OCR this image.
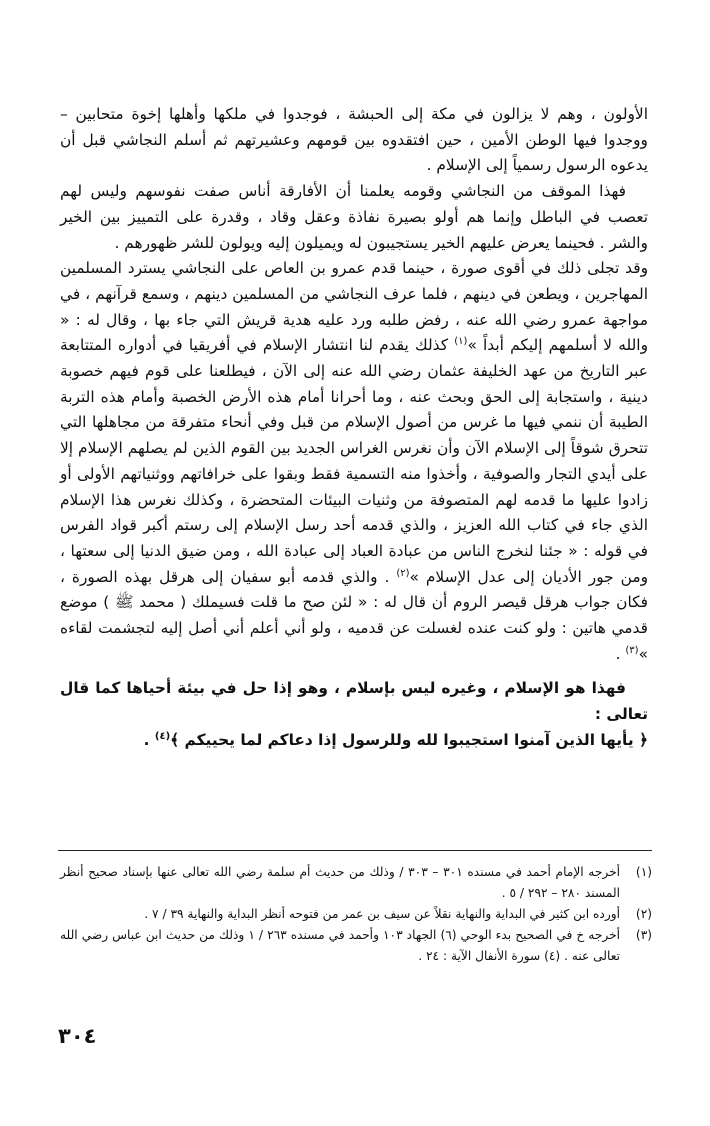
الأولون ، وهم لا يزالون في مكة إلى الحبشة ، فوجدوا في ملكها وأهلها إخوة متحابين – ووجدوا فيها الوطن الأمين ، حين افتقدوه بين قومهم وعشيرتهم ثم أسلم النجاشي قبل أن يدعوه الرسول رسمياً إلى الإسلام .

فهذا الموقف من النجاشي وقومه يعلمنا أن الأفارقة أناس صفت نفوسهم وليس لهم تعصب في الباطل وإنما هم أولو بصيرة نفاذة وعقل وقاد ، وقدرة على التمييز بين الخير والشر . فحينما يعرض عليهم الخير يستجيبون له ويميلون إليه ويولون للشر ظهورهم .

وقد تجلى ذلك في أقوى صورة ، حينما قدم عمرو بن العاص على النجاشي يسترد المسلمين المهاجرين ، ويطعن في دينهم ، فلما عرف النجاشي من المسلمين دينهم ، وسمع قرآنهم ، في مواجهة عمرو رضي الله عنه ، رفض طلبه ورد عليه هدية قريش التي جاء بها ، وقال له : « والله لا أسلمهم إليكم أبداً »$^{(١)}$ كذلك يقدم لنا انتشار الإسلام في أفريقيا في أدواره المتتابعة عبر التاريخ من عهد الخليفة عثمان رضي الله عنه إلى الآن ، فيطلعنا على قوم فيهم خصوبة دينية ، واستجابة إلى الحق وبحث عنه ، وما أحرانا أمام هذه الأرض الخصبة وأمام هذه التربة الطيبة أن ننمي فيها ما غرس من أصول الإسلام من قبل وفي أنحاء متفرقة من مجاهلها التي تتحرق شوقاً إلى الإسلام الآن وأن نغرس الغراس الجديد بين القوم الذين لم يصلهم الإسلام إلا على أيدي التجار والصوفية ، وأخذوا منه التسمية فقط وبقوا على خرافاتهم ووثنياتهم الأولى أو زادوا عليها ما قدمه لهم المتصوفة من وثنيات البيئات المتحضرة ، وكذلك نغرس هذا الإسلام الذي جاء في كتاب الله العزيز ، والذي قدمه أحد رسل الإسلام إلى رستم أكبر قواد الفرس في قوله : « جئنا لنخرج الناس من عبادة العباد إلى عبادة الله ، ومن ضيق الدنيا إلى سعتها ، ومن جور الأديان إلى عدل الإسلام »$^{(٢)}$ . والذي قدمه أبو سفيان إلى هرقل بهذه الصورة ، فكان جواب هرقل قيصر الروم أن قال له : « لئن صح ما قلت فسيملك ( محمد ﷺ ) موضع قدمي هاتين : ولو كنت عنده لغسلت عن قدميه ، ولو أني أعلم أني أصل إليه لتجشمت لقاءه »$^{(٣)}$ .

فهذا هو الإسلام ، وغيره ليس بإسلام ، وهو إذا حل في بيئة أحياها كما قال تعالى :

﴿ يأيها الذين آمنوا استجيبوا لله وللرسول إذا دعاكم لما يحييكم ﴾$^{(٤)}$ .

(١)
أخرجه الإمام أحمد في مسنده ٣٠١ – ٣٠٣ / وذلك من حديث أم سلمة رضي الله تعالى عنها بإسناد صحيح أنظر المسند ٢٨٠ – ٢٩٢ / ٥ .
(٢)
أورده ابن كثير في البداية والنهاية نقلاً عن سيف بن عمر من فتوحه أنظر البداية والنهاية ٣٩ / ٧ .
(٣)
أخرجه خ في الصحيح بدء الوحي (٦) الجهاد ١٠٣ وأحمد في مسنده ٢٦٣ / ١ وذلك من حديث ابن عباس رضي الله تعالى عنه . (٤) سورة الأنفال الآية : ٢٤ .
٣٠٤
